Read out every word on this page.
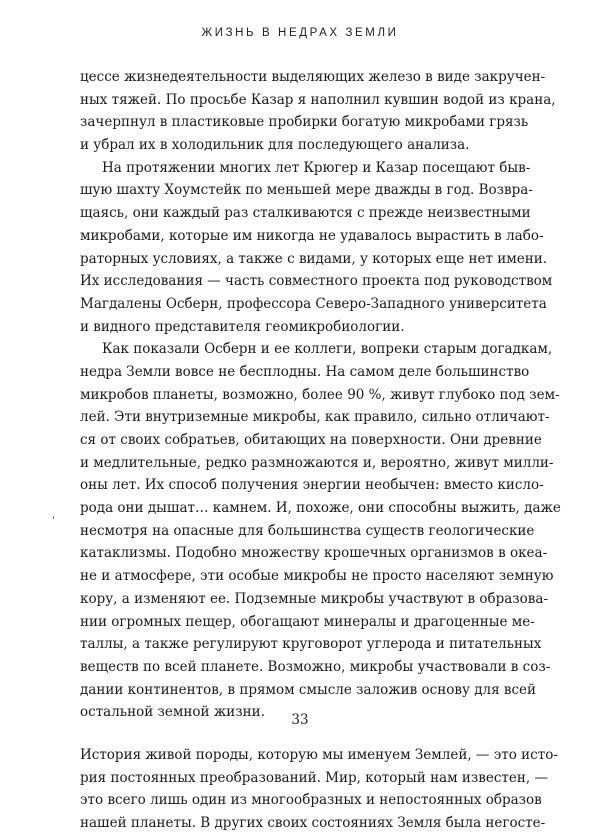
ЖИЗНЬ В НЕДРАХ ЗЕМЛИ
цессе жизнедеятельности выделяющих железо в виде закручен-
ных тяжей. По просьбе Казар я наполнил кувшин водой из крана,
зачерпнул в пластиковые пробирки богатую микробами грязь
и убрал их в холодильник для последующего анализа.
На протяжении многих лет Крюгер и Казар посещают быв-
шую шахту Хоумстейк по меньшей мере дважды в год. Возвра-
щаясь, они каждый раз сталкиваются с прежде неизвестными
микробами, которые им никогда не удавалось вырастить в лабо-
раторных условиях, а также с видами, у которых еще нет имени.
Их исследования — часть совместного проекта под руководством
Магдалены Осберн, профессора Северо-Западного университета
и видного представителя геомикробиологии.
Как показали Осберн и ее коллеги, вопреки старым догадкам,
недра Земли вовсе не бесплодны. На самом деле большинство
микробов планеты, возможно, более 90 %, живут глубоко под зем-
лей. Эти внутриземные микробы, как правило, сильно отличают-
ся от своих собратьев, обитающих на поверхности. Они древние
и медлительные, редко размножаются и, вероятно, живут милли-
оны лет. Их способ получения энергии необычен: вместо кисло-
рода они дышат… камнем. И, похоже, они способны выжить, даже
несмотря на опасные для большинства существ геологические
катаклизмы. Подобно множеству крошечных организмов в океа-
не и атмосфере, эти особые микробы не просто населяют земную
кору, а изменяют ее. Подземные микробы участвуют в образова-
нии огромных пещер, обогащают минералы и драгоценные ме-
таллы, а также регулируют круговорот углерода и питательных
веществ по всей планете. Возможно, микробы участвовали в соз-
дании континентов, в прямом смысле заложив основу для всей
остальной земной жизни.
История живой породы, которую мы именуем Землей, — это исто-
рия постоянных преобразований. Мир, который нам известен, —
это всего лишь один из многообразных и непостоянных образов
нашей планеты. В других своих состояниях Земля была негосте-
33
